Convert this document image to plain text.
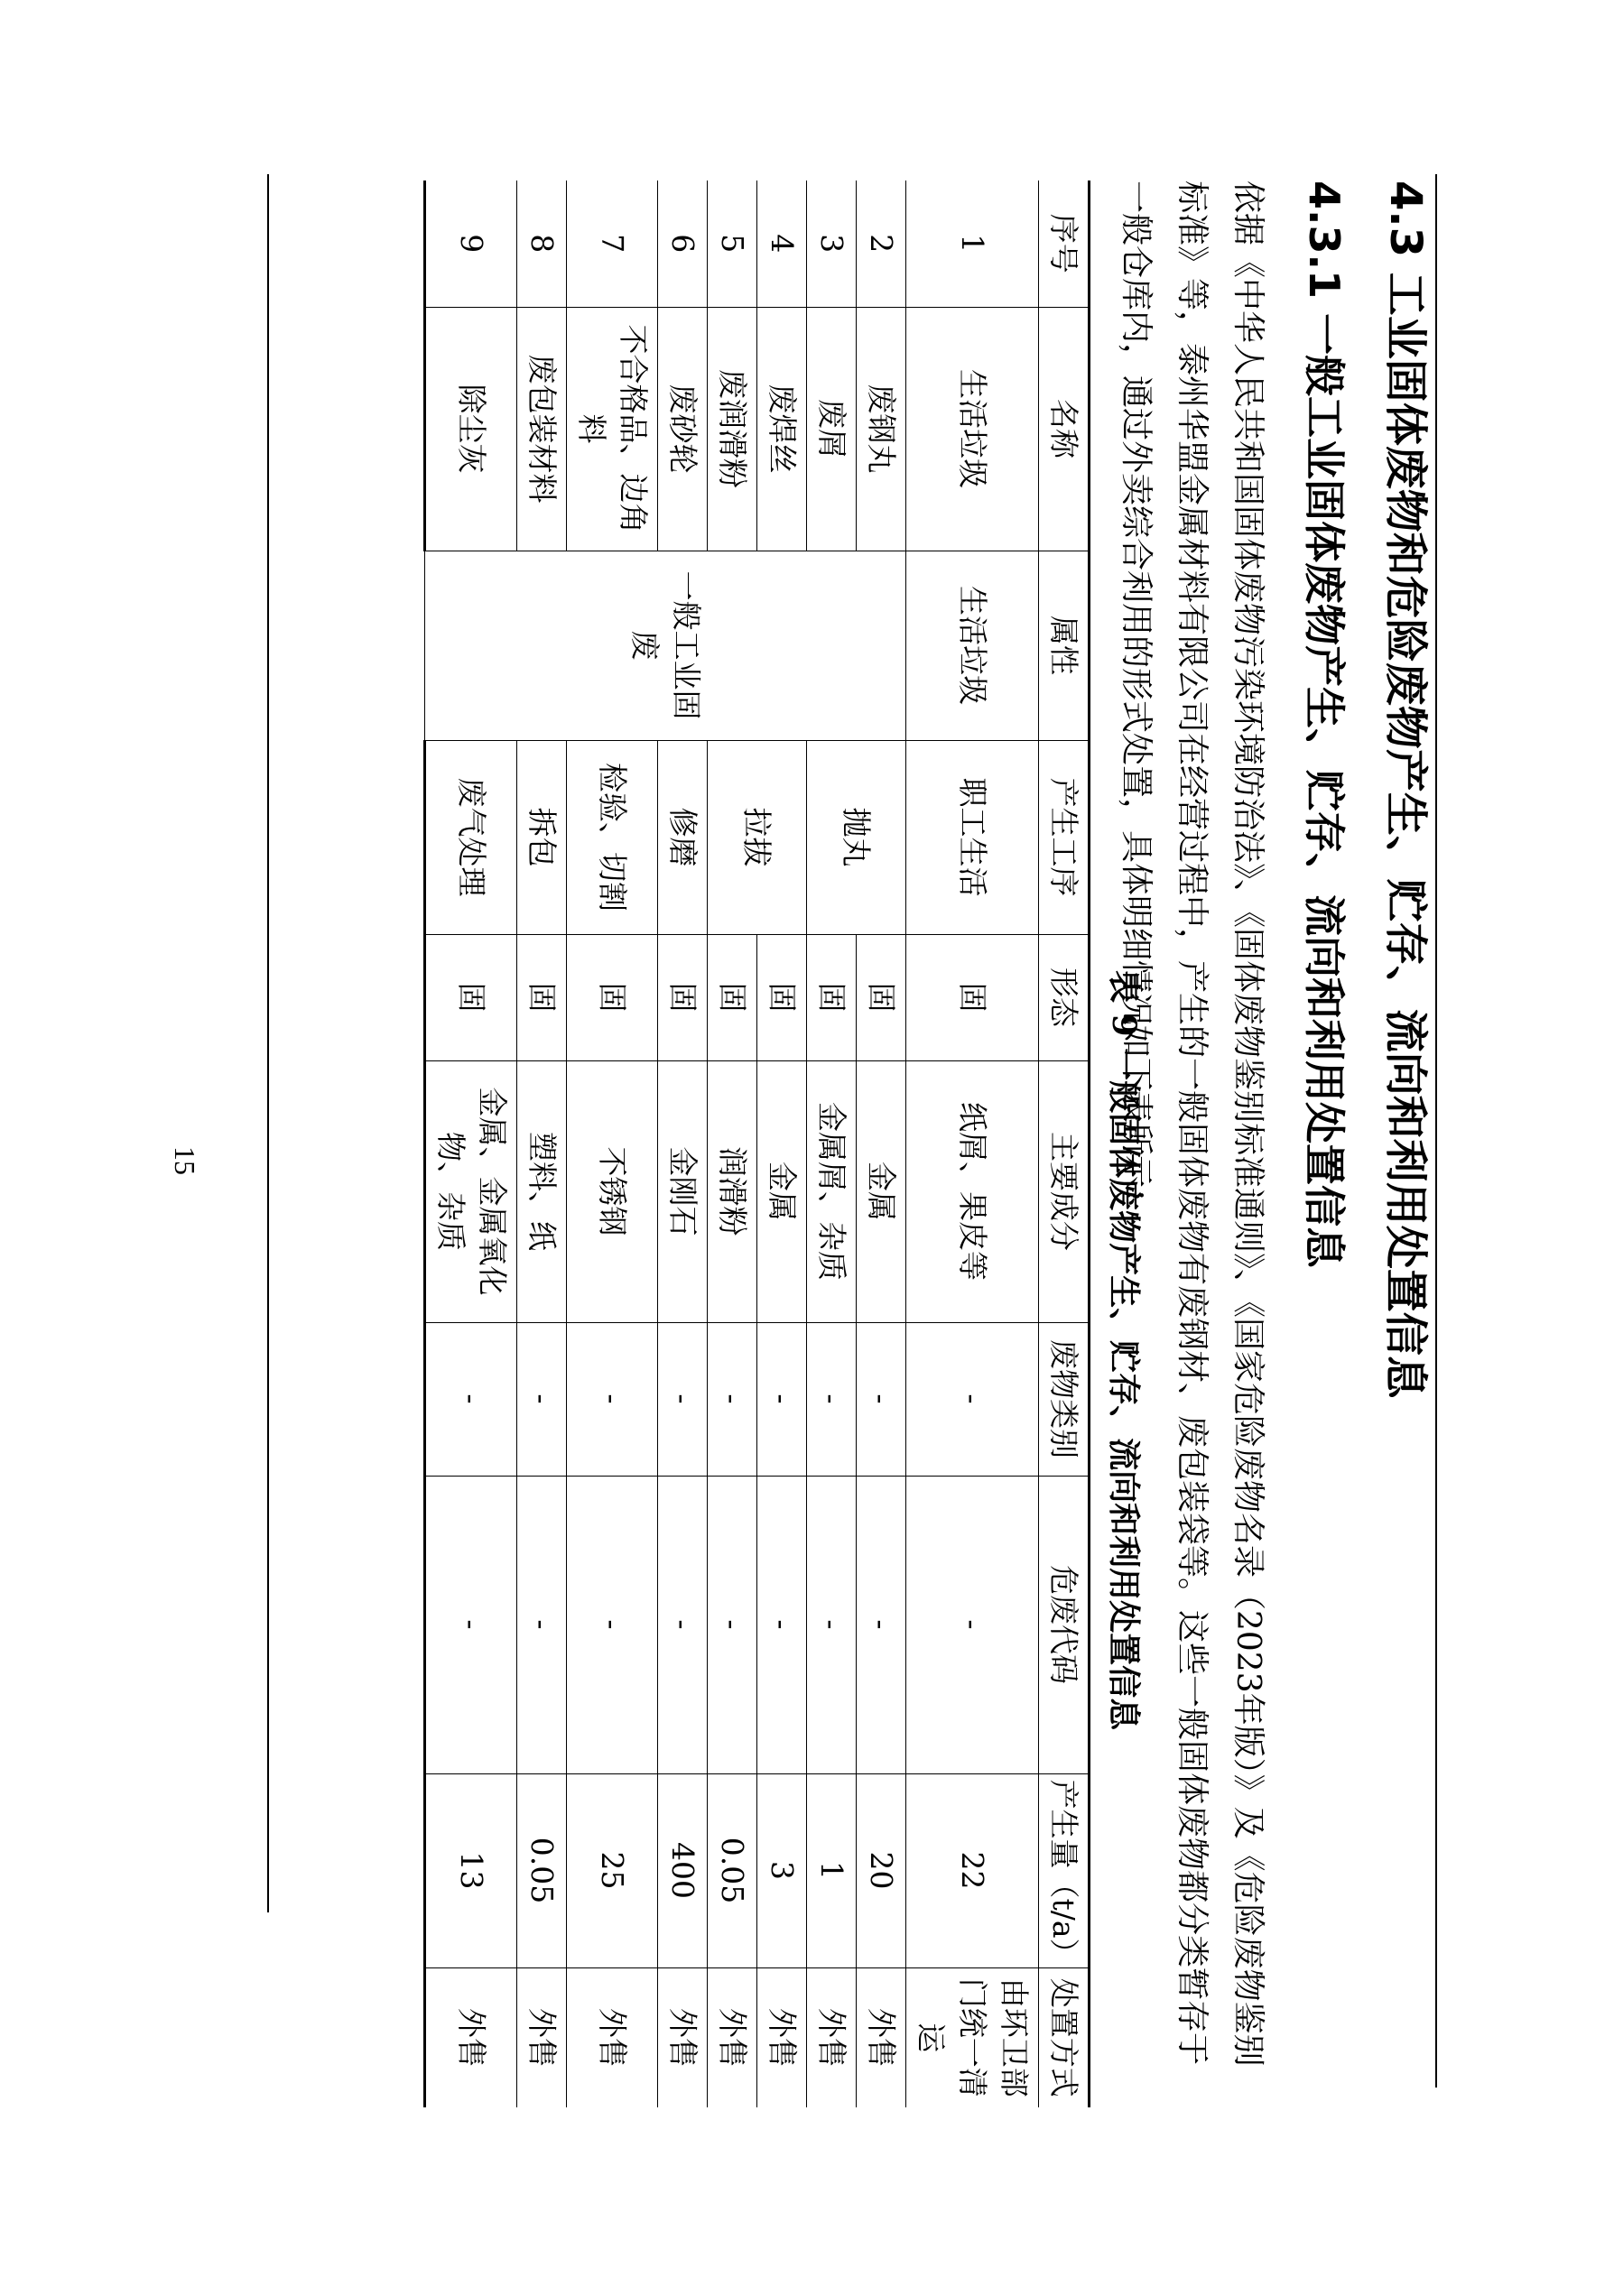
4.3 工业固体废物和危险废物产生、贮存、流向和利用处置信息
4.3.1 一般工业固体废物产生、贮存、流向和利用处置信息
依据《中华人民共和国固体废物污染环境防治法》、《固体废物鉴别标准通则》、《国家危险废物名录（2023年版）》及《危险废物鉴别标准》等，泰州华盟金属材料有限公司在经营过程中，产生的一般固体废物有废钢材、废包装袋等。这些一般固体废物都分类暂存于一般仓库内，通过外卖综合利用的形式处置，具体明细情况如下表所示：
表 9 一般固体废物产生、贮存、流向和利用处置信息
序号	名称	属性	产生工序	形态	主要成分	废物类别	危废代码	产生量（t/a）	处置方式
1	生活垃圾	生活垃圾	职工生活	固	纸屑、果皮等	-	-	22	由环卫部门统一清运
2	废钢丸	一般工业固废	抛丸	固	金属	-	-	20	外售
3	废屑			固	金属屑、杂质	-	-	1	外售
4	废焊丝		拉拔	固	金属	-	-	3	外售
5	废润滑粉			固	润滑粉	-	-	0.05	外售
6	废砂轮		修磨	固	金刚石	-	-	400	外售
7	不合格品、边角料		检验、切割	固	不锈钢	-	-	25	外售
8	废包装材料		拆包	固	塑料、纸	-	-	0.05	外售
9	除尘灰		废气处理	固	金属、金属氧化物、杂质	-	-	13	外售
15
